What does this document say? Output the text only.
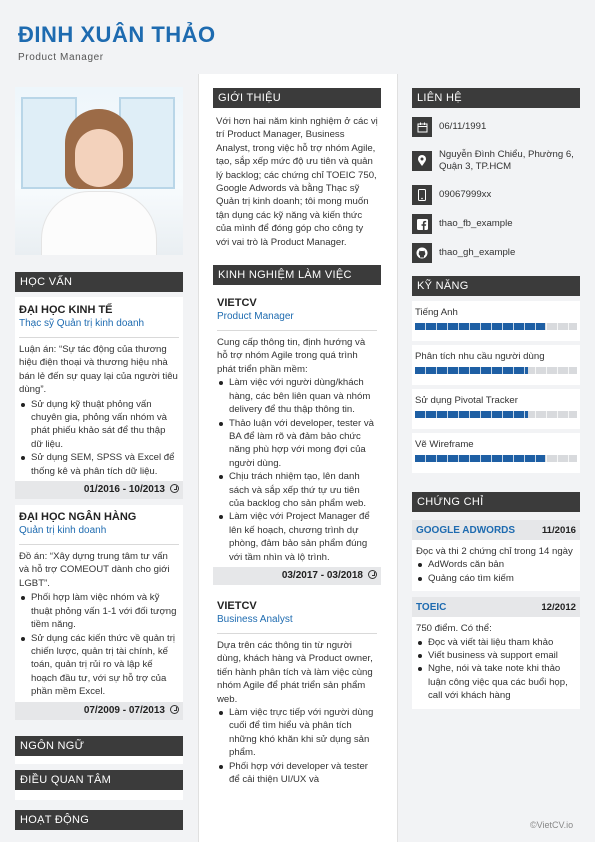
ĐINH XUÂN THẢO
Product Manager
HỌC VẤN
ĐẠI HỌC KINH TẾ
Thạc sỹ Quản trị kinh doanh
Luận án: “Sự tác động của thương hiệu điện thoại và thương hiệu nhà bán lẻ đến sự quay lại của người tiêu dùng”.
Sử dụng kỹ thuật phỏng vấn chuyên gia, phỏng vấn nhóm và phát phiếu khảo sát để thu thập dữ liệu.
Sử dụng SEM, SPSS và Excel để thống kê và phân tích dữ liệu.
01/2016 - 10/2013
ĐẠI HỌC NGÂN HÀNG
Quản trị kinh doanh
Đồ án: “Xây dựng trung tâm tư vấn và hỗ trợ COMEOUT dành cho giới LGBT”.
Phối hợp làm việc nhóm và kỹ thuật phỏng vấn 1-1 với đối tượng tiềm năng.
Sử dụng các kiến thức về quản trị chiến lược, quản trị tài chính, kế toán, quản trị rủi ro và lập kế hoạch đầu tư, với sự hỗ trợ của phần mềm Excel.
07/2009 - 07/2013
NGÔN NGỮ
ĐIỀU QUAN TÂM
HOẠT ĐỘNG
GIỚI THIỆU
Với hơn hai năm kinh nghiệm ở các vị trí Product Manager, Business Analyst, trong việc hỗ trợ nhóm Agile, tạo, sắp xếp mức độ ưu tiên và quản lý backlog; các chứng chỉ TOEIC 750, Google Adwords và bằng Thạc sỹ Quản trị kinh doanh; tôi mong muốn tận dụng các kỹ năng và kiến thức của mình để đóng góp cho công ty với vai trò là Product Manager.
KINH NGHIỆM LÀM VIỆC
VIETCV
Product Manager
Cung cấp thông tin, định hướng và hỗ trợ nhóm Agile trong quá trình phát triển phần mềm:
Làm việc với người dùng/khách hàng, các bên liên quan và nhóm delivery để thu thập thông tin.
Thảo luận với developer, tester và BA để làm rõ và đảm bảo chức năng phù hợp với mong đợi của người dùng.
Chịu trách nhiệm tạo, lên danh sách và sắp xếp thứ tự ưu tiên của backlog cho sản phẩm web.
Làm việc với Project Manager để lên kế hoạch, chương trình dự phòng, đảm bảo sản phẩm đúng với tầm nhìn và lộ trình.
03/2017 - 03/2018
VIETCV
Business Analyst
Dựa trên các thông tin từ người dùng, khách hàng và Product owner, tiến hành phân tích và làm việc cùng nhóm Agile để phát triển sản phẩm web.
Làm việc trực tiếp với người dùng cuối để tìm hiểu và phân tích những khó khăn khi sử dụng sản phẩm.
Phối hợp với developer và tester để cải thiện UI/UX và
LIÊN HỆ
06/11/1991
Nguyễn Đình Chiểu, Phường 6, Quận 3, TP.HCM
09067999xx
thao_fb_example
thao_gh_example
KỸ NĂNG
Tiếng Anh
Phân tích nhu cầu người dùng
Sử dụng Pivotal Tracker
Vẽ Wireframe
CHỨNG CHỈ
GOOGLE ADWORDS	11/2016
Đọc và thi 2 chứng chỉ trong 14 ngày
AdWords căn bản
Quảng cáo tìm kiếm
TOEIC	12/2012
750 điểm. Có thể:
Đọc và viết tài liệu tham khảo
Viết business và support email
Nghe, nói và take note khi thảo luận công việc qua các buổi họp, call với khách hàng
©VietCV.io
